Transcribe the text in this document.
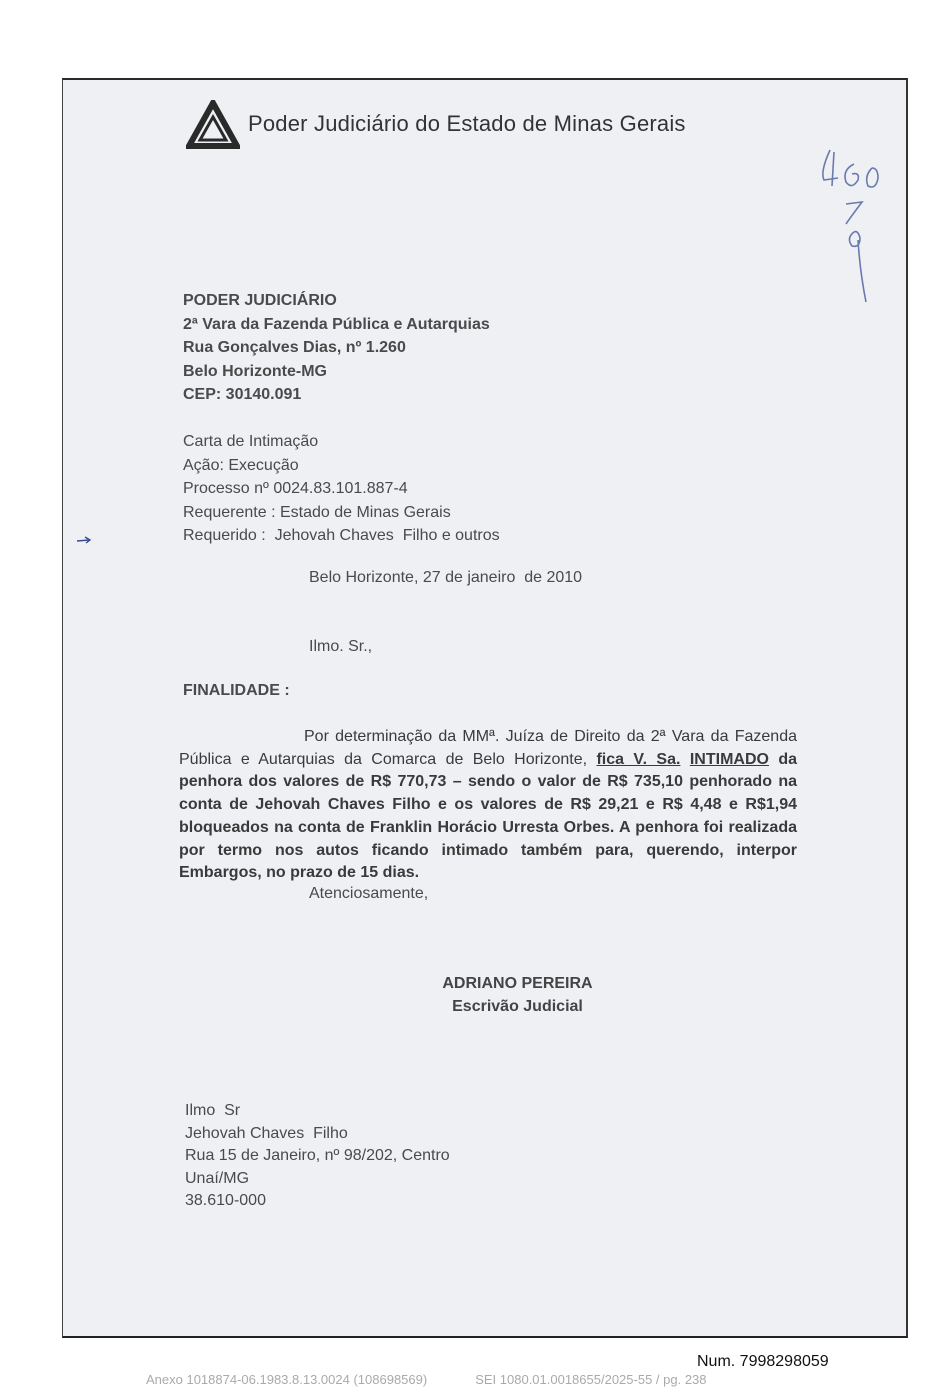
Poder Judiciário do Estado de Minas Gerais
PODER JUDICIÁRIO
2ª Vara da Fazenda Pública e Autarquias
Rua Gonçalves Dias, nº 1.260
Belo Horizonte-MG
CEP: 30140.091
Carta de Intimação
Ação: Execução
Processo nº 0024.83.101.887-4
Requerente : Estado de Minas Gerais
Requerido :  Jehovah Chaves  Filho e outros
Belo Horizonte, 27 de janeiro  de 2010
Ilmo. Sr.,
FINALIDADE :
Por determinação da MMª. Juíza de Direito da 2ª Vara da Fazenda Pública e Autarquias da Comarca de Belo Horizonte, fica V. Sa. INTIMADO da penhora dos valores de R$ 770,73 – sendo o valor de R$ 735,10 penhorado na conta de Jehovah Chaves Filho e os valores de R$ 29,21 e R$ 4,48 e R$1,94 bloqueados na conta de Franklin Horácio Urresta Orbes. A penhora foi realizada por termo nos autos ficando intimado também para, querendo, interpor Embargos, no prazo de 15 dias.
Atenciosamente,
ADRIANO PEREIRA
Escrivão Judicial
Ilmo  Sr
Jehovah Chaves  Filho
Rua 15 de Janeiro, nº 98/202, Centro
Unaí/MG
38.610-000
Num. 7998298059
Anexo 1018874-06.1983.8.13.0024 (108698569)	SEI 1080.01.0018655/2025-55 / pg. 238
